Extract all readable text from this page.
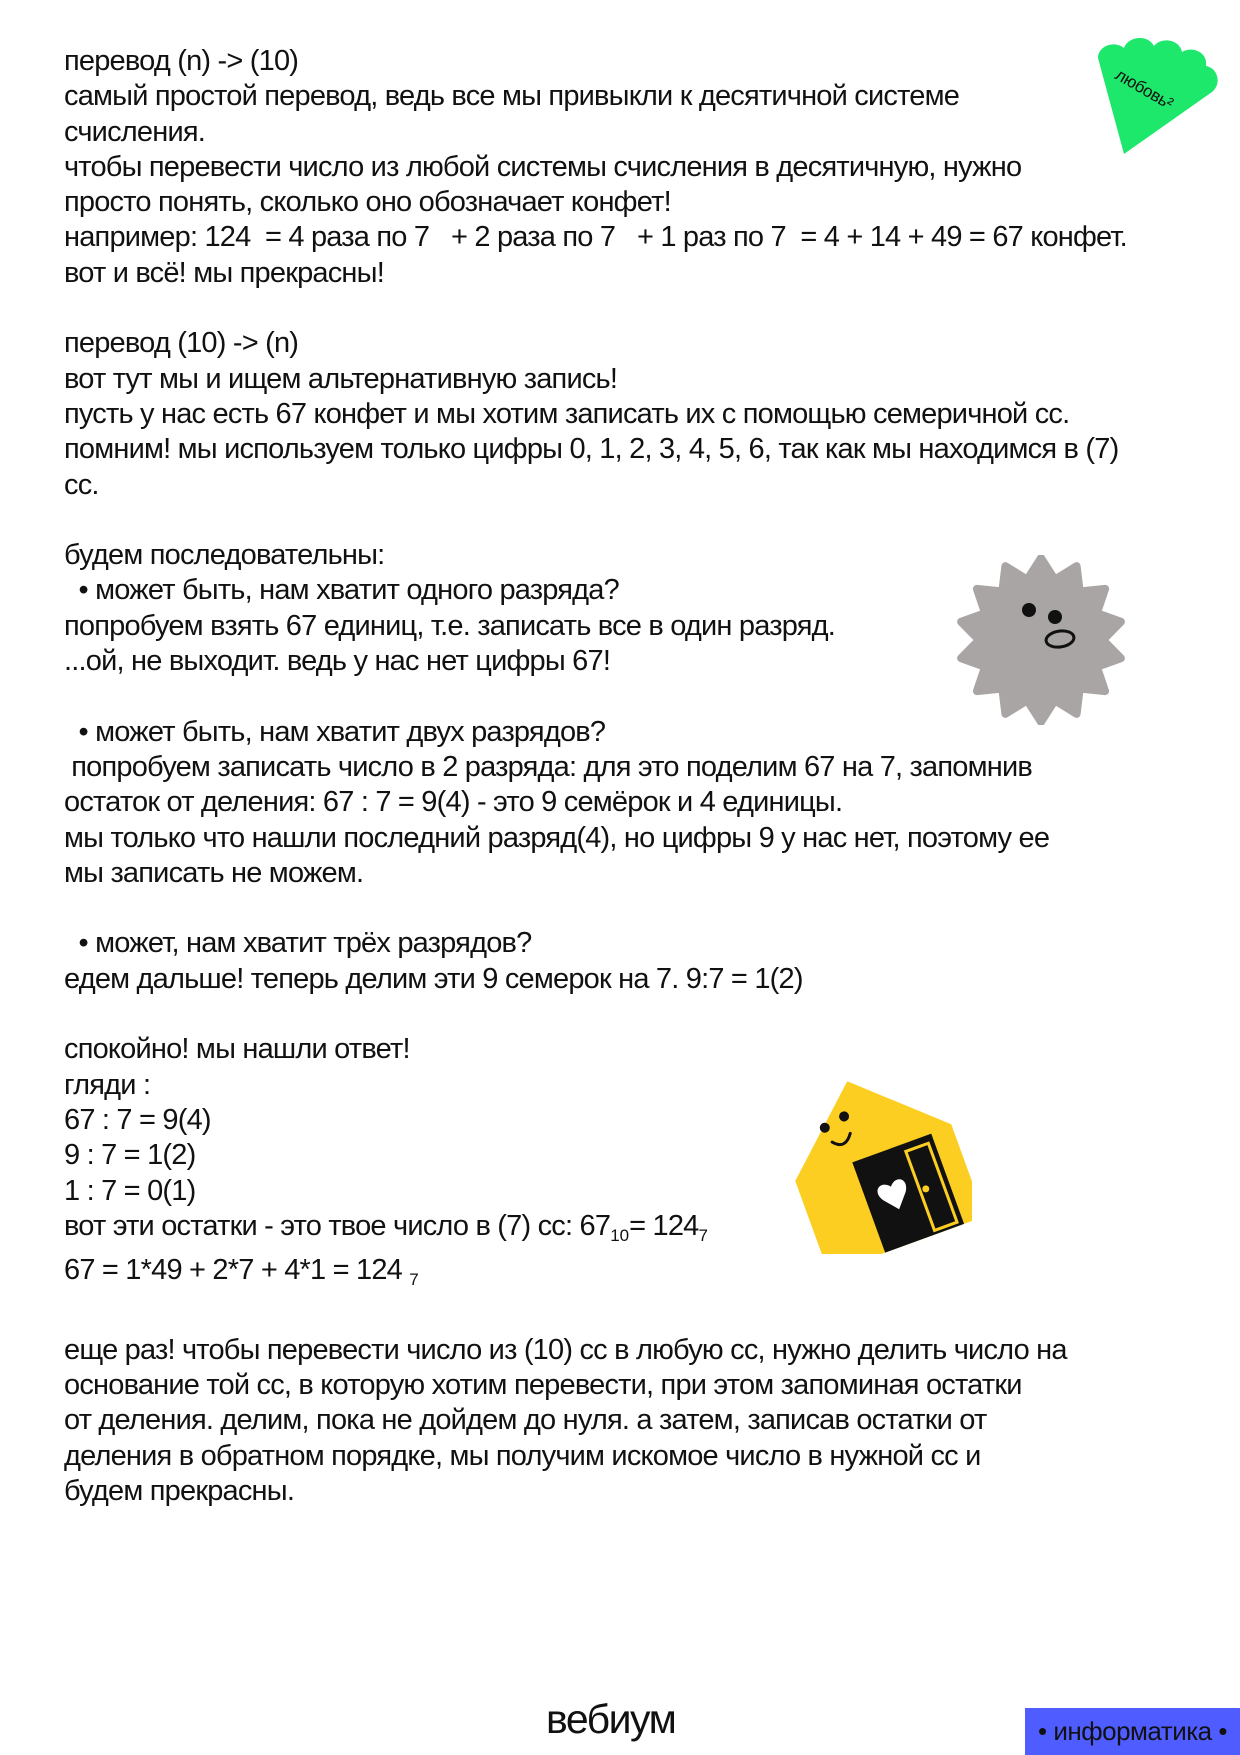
перевод (n) -> (10)
самый простой перевод, ведь все мы привыкли к десятичной системе
счисления.
чтобы перевести число из любой системы счисления в десятичную, нужно
просто понять, сколько оно обозначает конфет!
например: 124  = 4 раза по 7   + 2 раза по 7   + 1 раз по 7  = 4 + 14 + 49 = 67 конфет.
вот и всё! мы прекрасны!
перевод (10) -> (n)
вот тут мы и ищем альтернативную запись!
пусть у нас есть 67 конфет и мы хотим записать их с помощью семеричной сс.
помним! мы используем только цифры 0, 1, 2, 3, 4, 5, 6, так как мы находимся в (7)
сс.
будем последовательны:
• может быть, нам хватит одного разряда?
попробуем взять 67 единиц, т.е. записать все в один разряд.
...ой, не выходит. ведь у нас нет цифры 67!
• может быть, нам хватит двух разрядов?
попробуем записать число в 2 разряда: для это поделим 67 на 7, запомнив
остаток от деления: 67 : 7 = 9(4) - это 9 семёрок и 4 единицы.
мы только что нашли последний разряд(4), но цифры 9 у нас нет, поэтому ее
мы записать не можем.
• может, нам хватит трёх разрядов?
едем дальше! теперь делим эти 9 семерок на 7. 9:7 = 1(2)
спокойно! мы нашли ответ!
гляди :
67 : 7 = 9(4)
9 : 7 = 1(2)
1 : 7 = 0(1)
вот эти остатки - это твое число в (7) сс: $67_{10}= 124_7$
67 = 1*49 + 2*7 + 4*1 = 124 $_7$
еще раз! чтобы перевести число из (10) сс в любую сс, нужно делить число на
основание той сс, в которую хотим перевести, при этом запоминая остатки
от деления. делим, пока не дойдем до нуля. а затем, записав остатки от
деления в обратном порядке, мы получим искомое число в нужной сс и
будем прекрасны.
любовь²
вебиум	• информатика •
